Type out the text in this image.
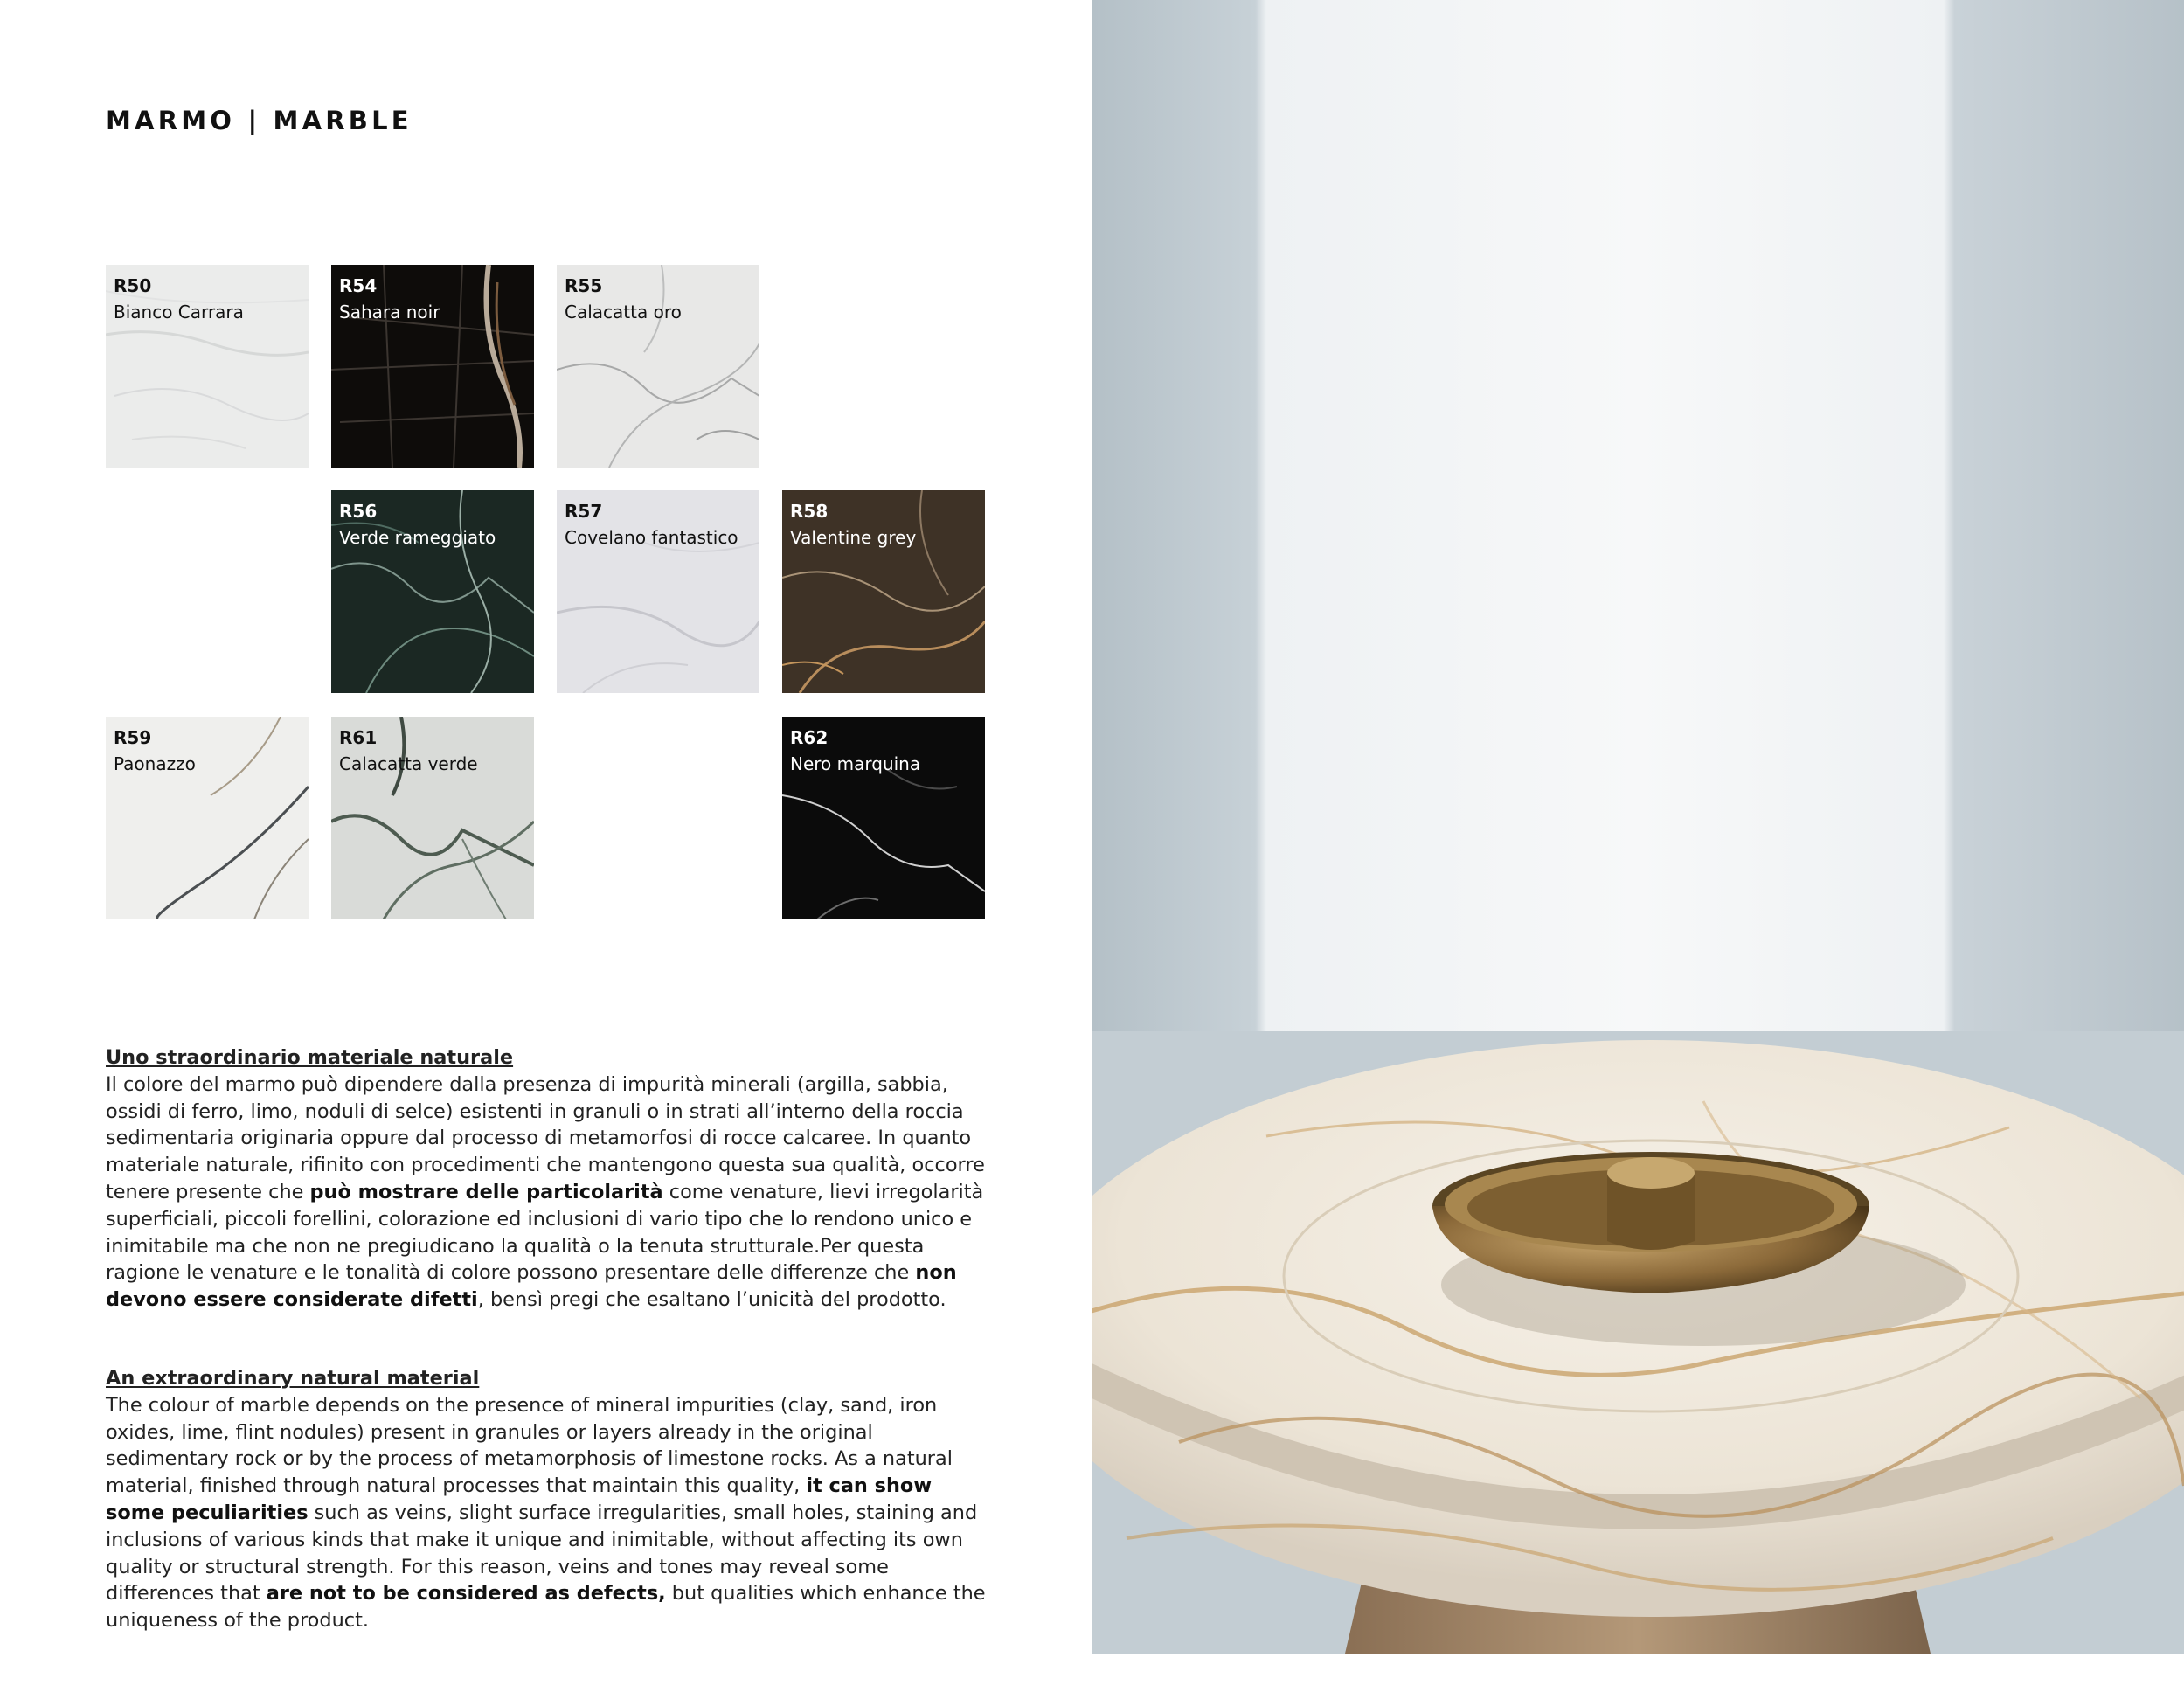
MARMO | MARBLE
R50
Bianco Carrara
R54
Sahara noir
R55
Calacatta oro
R56
Verde rameggiato
R57
Covelano fantastico
R58
Valentine grey
R59
Paonazzo
R61
Calacatta verde
R62
Nero marquina
Uno straordinario materiale naturale

Il colore del marmo può dipendere dalla presenza di impurità minerali (argilla, sabbia, ossidi di ferro, limo, noduli di selce) esistenti in granuli o in strati all’interno della roccia sedimentaria originaria oppure dal processo di metamorfosi di rocce calcaree. In quanto materiale naturale, rifinito con procedimenti che mantengono questa sua qualità, occorre tenere presente che può mostrare delle particolarità come venature, lievi irregolarità superficiali, piccoli forellini, colorazione ed inclusioni di vario tipo che lo rendono unico e inimitabile ma che non ne pregiudicano la qualità o la tenuta strutturale.Per questa ragione le venature e le tonalità di colore possono presentare delle differenze che non devono essere considerate difetti, bensì pregi che esaltano l’unicità del prodotto.

An extraordinary natural material

The colour of marble depends on the presence of mineral impurities (clay, sand, iron oxides, lime, flint nodules) present in granules or layers already in the original sedimentary rock or by the process of metamorphosis of limestone rocks. As a natural material, finished through natural processes that maintain this quality, it can show some peculiarities such as veins, slight surface irregularities, small holes, staining and inclusions of various kinds that make it unique and inimitable, without affecting its own quality or structural strength. For this reason, veins and tones may reveal some differences that are not to be considered as defects, but qualities which enhance the uniqueness of the product.
